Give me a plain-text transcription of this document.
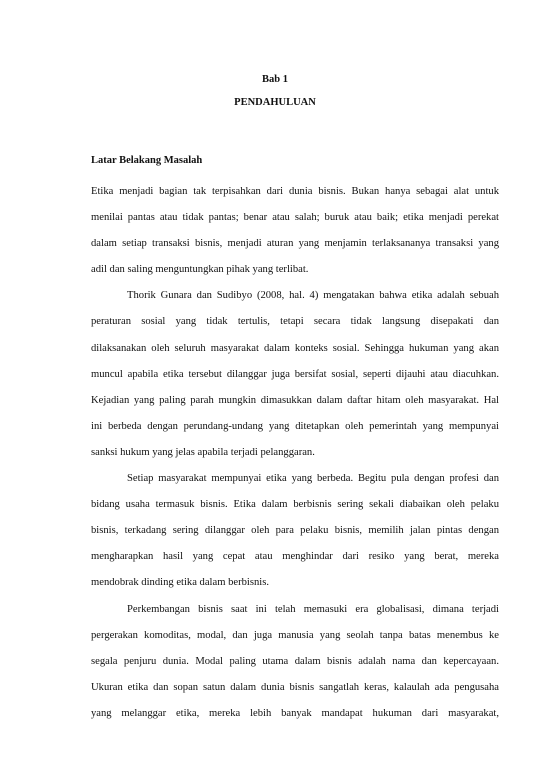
Bab 1
PENDAHULUAN
Latar Belakang Masalah
Etika menjadi bagian tak terpisahkan dari dunia bisnis. Bukan hanya sebagai alat untuk
menilai pantas atau tidak pantas; benar atau salah; buruk atau baik; etika menjadi perekat
dalam setiap transaksi bisnis, menjadi aturan yang menjamin terlaksananya transaksi yang
adil dan saling menguntungkan pihak yang terlibat.
Thorik Gunara dan Sudibyo (2008, hal. 4) mengatakan bahwa etika adalah sebuah
peraturan sosial yang tidak tertulis, tetapi secara tidak langsung disepakati dan
dilaksanakan oleh seluruh masyarakat dalam konteks sosial. Sehingga hukuman yang akan
muncul apabila etika tersebut dilanggar juga bersifat sosial, seperti dijauhi atau diacuhkan.
Kejadian yang paling parah mungkin dimasukkan dalam daftar hitam oleh masyarakat. Hal
ini berbeda dengan perundang-undang yang ditetapkan oleh pemerintah yang mempunyai
sanksi hukum yang jelas apabila terjadi pelanggaran.
Setiap masyarakat mempunyai etika yang berbeda. Begitu pula dengan profesi dan
bidang usaha termasuk bisnis. Etika dalam berbisnis sering sekali diabaikan oleh pelaku
bisnis, terkadang sering dilanggar oleh para pelaku bisnis, memilih jalan pintas dengan
mengharapkan hasil yang cepat atau menghindar dari resiko yang berat, mereka
mendobrak dinding etika dalam berbisnis.
Perkembangan bisnis saat ini telah memasuki era globalisasi, dimana terjadi
pergerakan komoditas, modal, dan juga manusia yang seolah tanpa batas menembus ke
segala penjuru dunia. Modal paling utama dalam bisnis adalah nama dan kepercayaan.
Ukuran etika dan sopan satun dalam dunia bisnis sangatlah keras, kalaulah ada pengusaha
yang melanggar etika, mereka lebih banyak mandapat hukuman dari masyarakat,
